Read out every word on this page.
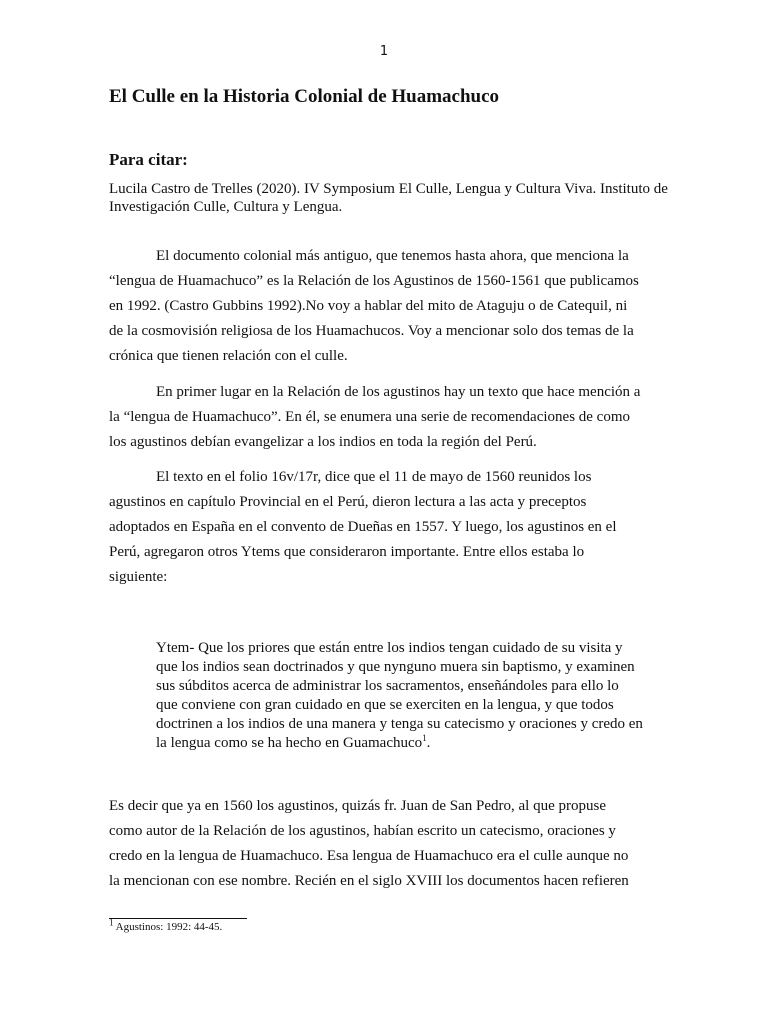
1
El Culle en la Historia Colonial de Huamachuco
Para citar:

Lucila Castro de Trelles (2020). IV Symposium El Culle, Lengua y Cultura Viva. Instituto de Investigación Culle, Cultura y Lengua.

El documento colonial más antiguo, que tenemos hasta ahora, que menciona la

“lengua de Huamachuco” es la Relación de los Agustinos de 1560-1561 que publicamos

en 1992. (Castro Gubbins 1992).No voy a hablar del mito de Ataguju o de Catequil, ni

de la cosmovisión religiosa de los Huamachucos. Voy a mencionar solo dos temas de la

crónica que tienen relación con el culle.

En primer lugar en la Relación de los agustinos hay un texto que hace mención a

la “lengua de Huamachuco”. En él, se enumera una serie de recomendaciones de como

los agustinos debían evangelizar a los indios en toda la región del Perú.

El texto en el folio 16v/17r, dice que el 11 de mayo de 1560 reunidos los

agustinos en capítulo Provincial en el Perú, dieron lectura a las acta y preceptos

adoptados en España en el convento de Dueñas en 1557. Y luego, los agustinos en el

Perú, agregaron otros Ytems que consideraron importante. Entre ellos estaba lo

siguiente:

Ytem- Que los priores que están entre los indios tengan cuidado de su visita y

que los indios sean doctrinados y que nynguno muera sin baptismo, y examinen

sus súbditos acerca de administrar los sacramentos, enseñándoles para ello lo

que conviene con gran cuidado en que se exerciten en la lengua, y que todos

doctrinen a los indios de una manera y tenga su catecismo y oraciones y credo en

la lengua como se ha hecho en Guamachuco$^1$.

Es decir que ya en 1560 los agustinos, quizás fr. Juan de San Pedro, al que propuse

como autor de la Relación de los agustinos, habían escrito un catecismo, oraciones y

credo en la lengua de Huamachuco. Esa lengua de Huamachuco era el culle aunque no

la mencionan con ese nombre. Recién en el siglo XVIII los documentos hacen refieren

$^1$ Agustinos: 1992: 44-45.
